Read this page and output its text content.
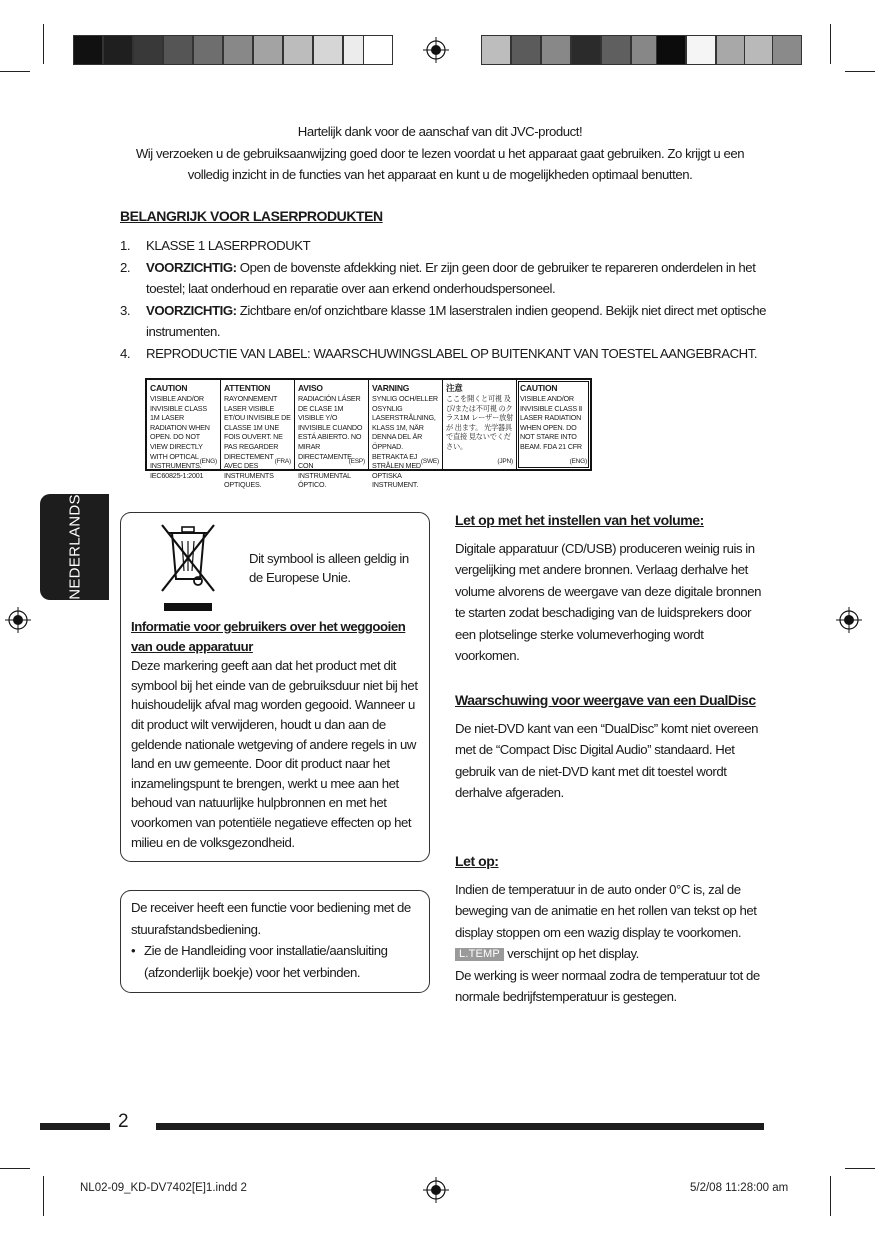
Hartelijk dank voor de aanschaf van dit JVC-product!
Wij verzoeken u de gebruiksaanwijzing goed door te lezen voordat u het apparaat gaat gebruiken. Zo krijgt u een volledig inzicht in de functies van het apparaat en kunt u de mogelijkheden optimaal benutten.
BELANGRIJK VOOR LASERPRODUKTEN
1. KLASSE 1 LASERPRODUKT
2. VOORZICHTIG: Open de bovenste afdekking niet. Er zijn geen door de gebruiker te repareren onderdelen in het toestel; laat onderhoud en reparatie over aan erkend onderhoudspersoneel.
3. VOORZICHTIG: Zichtbare en/of onzichtbare klasse 1M laserstralen indien geopend. Bekijk niet direct met optische instrumenten.
4. REPRODUCTIE VAN LABEL: WAARSCHUWINGSLABEL OP BUITENKANT VAN TOESTEL AANGEBRACHT.
CAUTION
VISIBLE AND/OR INVISIBLE CLASS 1M LASER RADIATION WHEN OPEN. DO NOT VIEW DIRECTLY WITH OPTICAL INSTRUMENTS. IEC60825-1:2001
(ENG)
ATTENTION
RAYONNEMENT LASER VISIBLE ET/OU INVISIBLE DE CLASSE 1M UNE FOIS OUVERT. NE PAS REGARDER DIRECTEMENT AVEC DES INSTRUMENTS OPTIQUES.
(FRA)
AVISO
RADIACIÓN LÁSER DE CLASE 1M VISIBLE Y/O INVISIBLE CUANDO ESTÁ ABIERTO. NO MIRAR DIRECTAMENTE CON INSTRUMENTAL ÓPTICO.
(ESP)
VARNING
SYNLIG OCH/ELLER OSYNLIG LASERSTRÅLNING, KLASS 1M, NÄR DENNA DEL ÄR ÖPPNAD. BETRAKTA EJ STRÅLEN MED OPTISKA INSTRUMENT.
(SWE)
注意
ここを開くと可視 及び/または不可視 のクラス1M レーザー放射が 出ます。 光学器具で直接 見ないでください。
(JPN)
CAUTION
VISIBLE AND/OR INVISIBLE CLASS Ⅱ LASER RADIATION WHEN OPEN. DO NOT STARE INTO BEAM. FDA 21 CFR
(ENG)
NEDERLANDS	Dit symbool is alleen geldig in de Europese Unie.
Informatie voor gebruikers over het weggooien van oude apparatuur
Deze markering geeft aan dat het product met dit symbool bij het einde van de gebruiksduur niet bij het huishoudelijk afval mag worden gegooid. Wanneer u dit product wilt verwijderen, houdt u dan aan de geldende nationale wetgeving of andere regels in uw land en uw gemeente. Door dit product naar het inzamelingspunt te brengen, werkt u mee aan het behoud van natuurlijke hulpbronnen en met het voorkomen van potentiële negatieve effecten op het milieu en de volksgezondheid.
De receiver heeft een functie voor bediening met de stuurafstandsbediening.
• Zie de Handleiding voor installatie/aansluiting (afzonderlijk boekje) voor het verbinden.
Let op met het instellen van het volume:
Digitale apparatuur (CD/USB) produceren weinig ruis in vergelijking met andere bronnen. Verlaag derhalve het volume alvorens de weergave van deze digitale bronnen te starten zodat beschadiging van de luidsprekers door een plotselinge sterke volumeverhoging wordt voorkomen.
Waarschuwing voor weergave van een DualDisc
De niet-DVD kant van een “DualDisc” komt niet overeen met de “Compact Disc Digital Audio” standaard. Het gebruik van de niet-DVD kant met dit toestel wordt derhalve afgeraden.
Let op:
Indien de temperatuur in de auto onder 0°C is, zal de beweging van de animatie en het rollen van tekst op het display stoppen om een wazig display te voorkomen. L.TEMP verschijnt op het display.
De werking is weer normaal zodra de temperatuur tot de normale bedrijfstemperatuur is gestegen.
2
NL02-09_KD-DV7402[E]1.indd 2	5/2/08 11:28:00 am
